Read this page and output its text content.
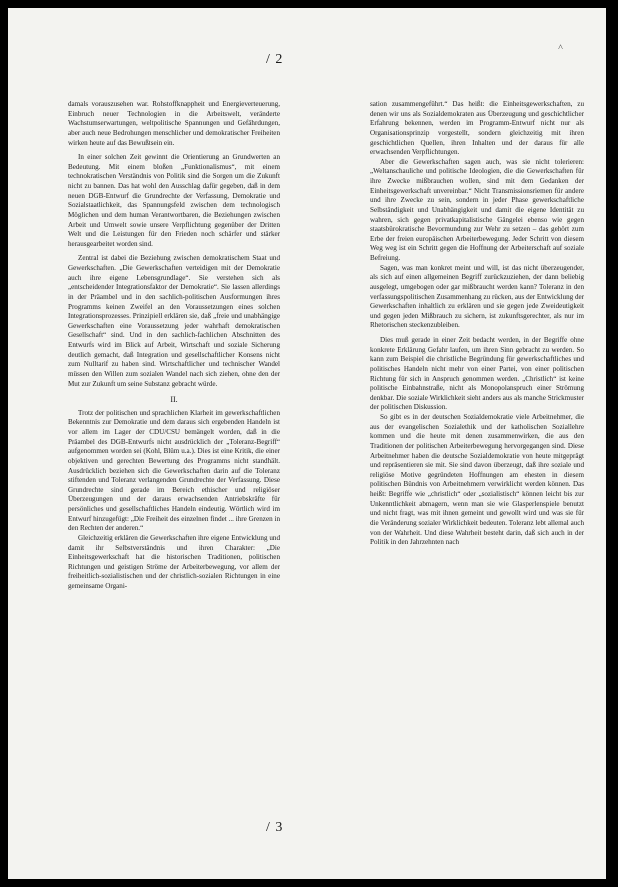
˄
/ 2

damals vorauszusehen war. Rohstoffknappheit und Energieverteuerung, Einbruch neuer Technologien in die Arbeitswelt, veränderte Wachstumserwartungen, weltpolitische Spannungen und Gefährdungen, aber auch neue Bedrohungen menschlicher und demokratischer Freiheiten wirken heute auf das Bewußtsein ein.

In einer solchen Zeit gewinnt die Orientierung an Grundwerten an Bedeutung. Mit einem bloßen „Funktionalismus“, mit einem technokratischen Verständnis von Politik sind die Sorgen um die Zukunft nicht zu bannen. Das hat wohl den Ausschlag dafür gegeben, daß in dem neuen DGB-Entwurf die Grundrechte der Verfassung, Demokratie und Sozialstaatlichkeit, das Spannungsfeld zwischen dem technologisch Möglichen und dem human Verantwortbaren, die Beziehungen zwischen Arbeit und Umwelt sowie unsere Verpflichtung gegenüber der Dritten Welt und die Leistungen für den Frieden noch schärfer und stärker herausgearbeitet worden sind.

Zentral ist dabei die Beziehung zwischen demokratischem Staat und Gewerkschaften. „Die Gewerkschaften verteidigen mit der Demokratie auch ihre eigene Lebensgrundlage“. Sie verstehen sich als „entscheidender Integrationsfaktor der Demokratie“. Sie lassen allerdings in der Präambel und in den sachlich-politischen Ausformungen ihres Programms keinen Zweifel an den Voraussetzungen eines solchen Integrationsprozesses. Prinzipiell erklären sie, daß „freie und unabhängige Gewerkschaften eine Voraussetzung jeder wahrhaft demokratischen Gesellschaft“ sind. Und in den sachlich-fachlichen Abschnitten des Entwurfs wird im Blick auf Arbeit, Wirtschaft und soziale Sicherung deutlich gemacht, daß Integration und gesellschaftlicher Konsens nicht zum Nulltarif zu haben sind. Wirtschaftlicher und technischer Wandel müssen den Willen zum sozialen Wandel nach sich ziehen, ohne den der Mut zur Zukunft um seine Substanz gebracht würde.

II.

Trotz der politischen und sprachlichen Klarheit im gewerkschaftlichen Bekenntnis zur Demokratie und dem daraus sich ergebenden Handeln ist vor allem im Lager der CDU/CSU bemängelt worden, daß in die Präambel des DGB-Entwurfs nicht ausdrücklich der „Toleranz-Begriff“ aufgenommen worden sei (Kohl, Blüm u.a.). Dies ist eine Kritik, die einer objektiven und gerechten Bewertung des Programms nicht standhält. Ausdrücklich beziehen sich die Gewerkschaften darin auf die Toleranz stiftenden und Toleranz verlangenden Grundrechte der Verfassung. Diese Grundrechte sind gerade im Bereich ethischer und religiöser Überzeugungen und der daraus erwachsenden Antriebskräfte für persönliches und gesellschaftliches Handeln eindeutig. Wörtlich wird im Entwurf hinzugefügt: „Die Freiheit des einzelnen findet ... ihre Grenzen in den Rechten der anderen.“

Gleichzeitig erklären die Gewerkschaften ihre eigene Entwicklung und damit ihr Selbstverständnis und ihren Charakter: „Die Einheitsgewerkschaft hat die historischen Traditionen, politischen Richtungen und geistigen Ströme der Arbeiterbewegung, vor allem der freiheitlich-sozialistischen und der christlich-sozialen Richtungen in eine gemeinsame Organi-

sation zusammengeführt.“ Das heißt: die Einheitsgewerkschaften, zu denen wir uns als Sozialdemokraten aus Überzeugung und geschichtlicher Erfahrung bekennen, werden im Programm-Entwurf nicht nur als Organisationsprinzip vorgestellt, sondern gleichzeitig mit ihren geschichtlichen Quellen, ihren Inhalten und der daraus für alle erwachsenden Verpflichtungen.

Aber die Gewerkschaften sagen auch, was sie nicht tolerieren: „Weltanschauliche und politische Ideologien, die die Gewerkschaften für ihre Zwecke mißbrauchen wollen, sind mit dem Gedanken der Einheitsgewerkschaft unvereinbar.“ Nicht Transmissionsriemen für andere und ihre Zwecke zu sein, sondern in jeder Phase gewerkschaftliche Selbständigkeit und Unabhängigkeit und damit die eigene Identität zu wahren, sich gegen privatkapitalistische Gängelei ebenso wie gegen staatsbürokratische Bevormundung zur Wehr zu setzen – das gehört zum Erbe der freien europäischen Arbeiterbewegung. Jeder Schritt von diesem Weg weg ist ein Schritt gegen die Hoffnung der Arbeiterschaft auf soziale Befreiung.

Sagen, was man konkret meint und will, ist das nicht überzeugender, als sich auf einen allgemeinen Begriff zurückzuziehen, der dann beliebig ausgelegt, umgebogen oder gar mißbraucht werden kann? Toleranz in den verfassungspolitischen Zusammenhang zu rücken, aus der Entwicklung der Gewerkschaften inhaltlich zu erklären und sie gegen jede Zweideutigkeit und gegen jeden Mißbrauch zu sichern, ist zukunftsgerechter, als nur im Rhetorischen steckenzubleiben.

Dies muß gerade in einer Zeit bedacht werden, in der Begriffe ohne konkrete Erklärung Gefahr laufen, um ihren Sinn gebracht zu werden. So kann zum Beispiel die christliche Begründung für gewerkschaftliches und politisches Handeln nicht mehr von einer Partei, von einer politischen Richtung für sich in Anspruch genommen werden. „Christlich“ ist keine politische Einbahnstraße, nicht als Monopolanspruch einer Strömung denkbar. Die soziale Wirklichkeit sieht anders aus als manche Strickmuster der politischen Diskussion.

So gibt es in der deutschen Sozialdemokratie viele Arbeitnehmer, die aus der evangelischen Sozialethik und der katholischen Soziallehre kommen und die heute mit denen zusammenwirken, die aus den Traditionen der politischen Arbeiterbewegung hervorgegangen sind. Diese Arbeitnehmer haben die deutsche Sozialdemokratie von heute mitgeprägt und repräsentieren sie mit. Sie sind davon überzeugt, daß ihre soziale und religiöse Motive gegründeten Hoffnungen am ehesten in diesem politischen Bündnis von Arbeitnehmern verwirklicht werden können. Das heißt: Begriffe wie „christlich“ oder „sozialistisch“ können leicht bis zur Unkenntlichkeit abmagern, wenn man sie wie Glasperlenspiele benutzt und nicht fragt, was mit ihnen gemeint und gewollt wird und was sie für die Veränderung sozialer Wirklichkeit bedeuten. Toleranz lebt allemal auch von der Wahrheit. Und diese Wahrheit besteht darin, daß sich auch in der Politik in den Jahrzehnten nach

/ 3
